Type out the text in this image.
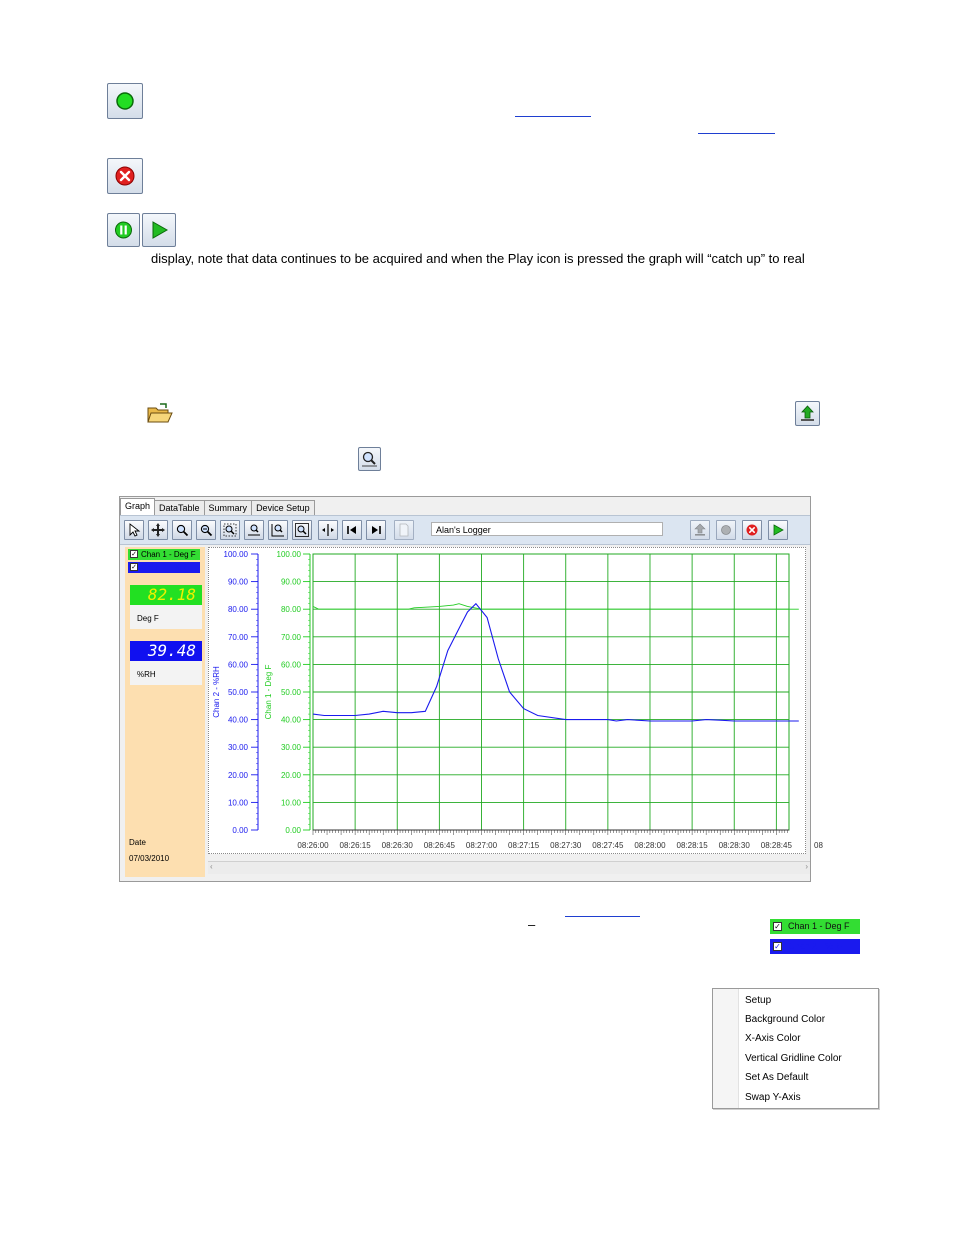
display, note that data continues to be acquired and when the Play icon is pressed the graph will “catch up” to real
Graph	DataTable	Summary	Device Setup
Alan's Logger
✓ Chan 1 - Deg F
✓ Chan 2 - %RH
82.18
Deg F
39.48
%RH
Date
07/03/2010
100.00	100.00
90.00	90.00
80.00	80.00
70.00	70.00
60.00	60.00
50.00	50.00
40.00	40.00
30.00	30.00
20.00	20.00
10.00	10.00
0.00	0.00
Chan 2 - %RH	Chan 1 - Deg F
08:26:00 08:26:15 08:26:30 08:26:45 08:27:00 08:27:15 08:27:30 08:27:45 08:28:00 08:28:15 08:28:30 08:28:45	08
‹	›
–	✓ Chan 1 - Deg F
✓ Chan 2 - %RH
Setup
Background Color
X-Axis Color
Vertical Gridline Color
Set As Default
Swap Y-Axis
